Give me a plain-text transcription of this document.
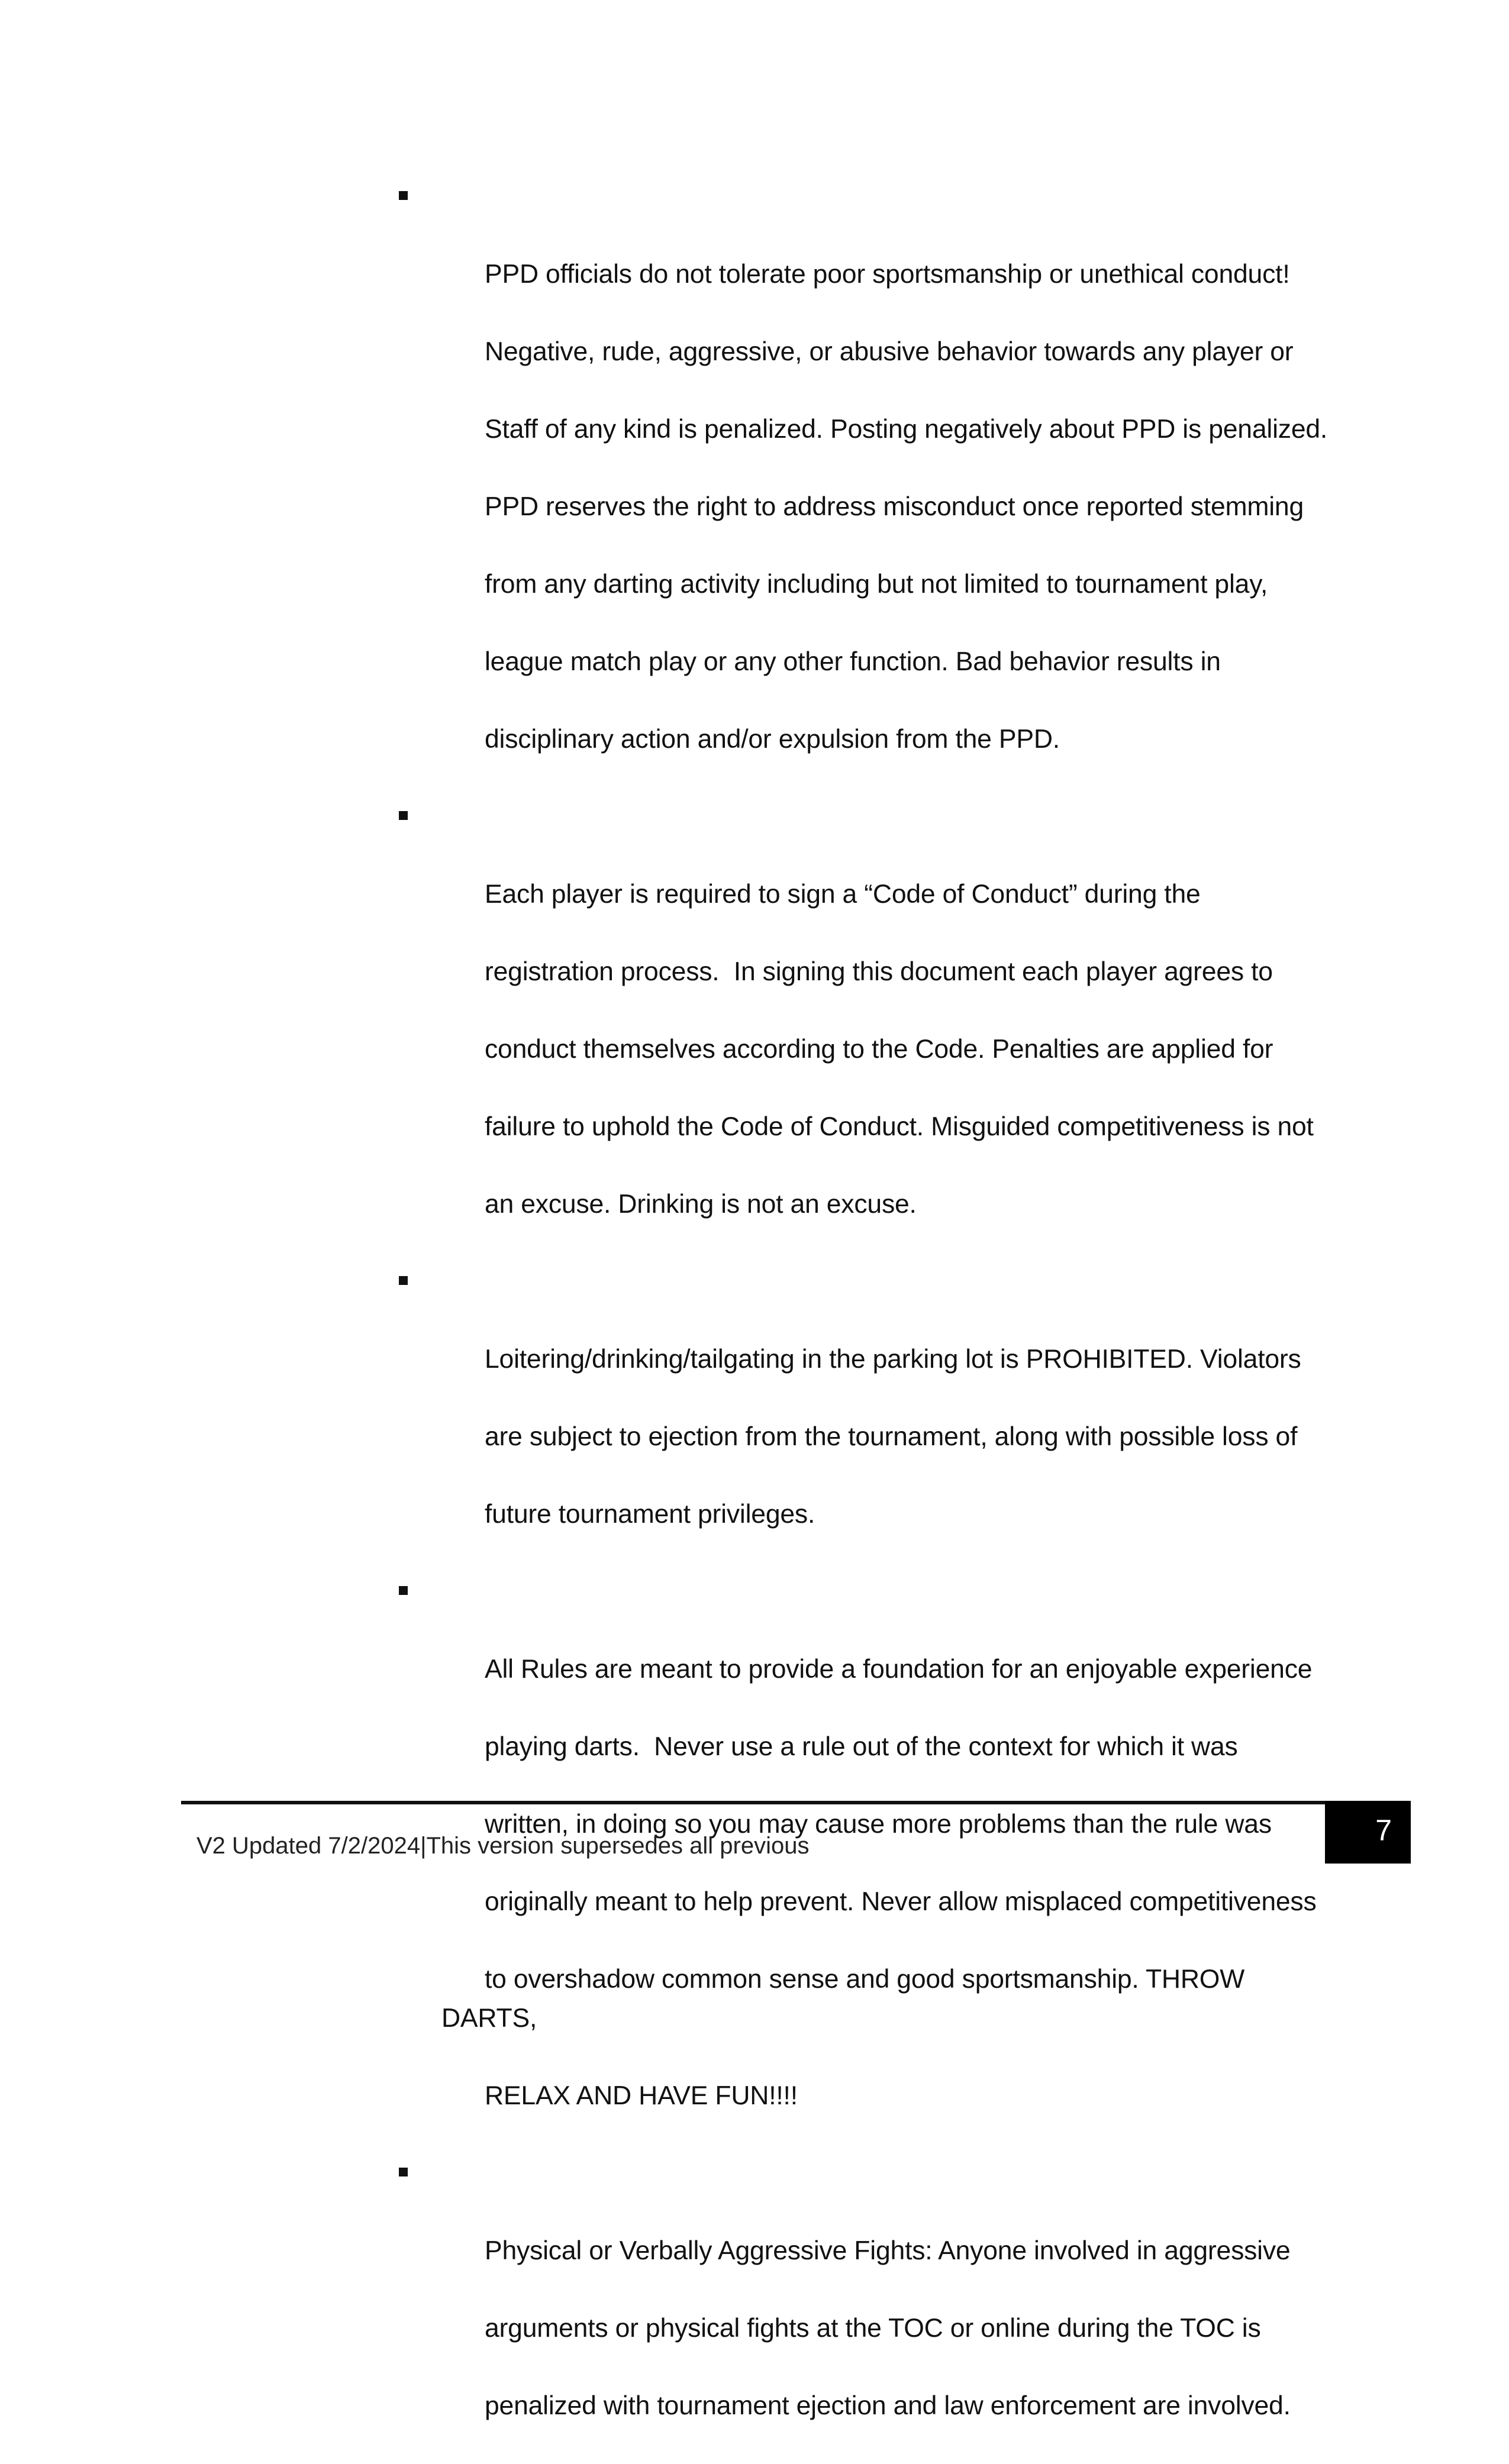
PPD officials do not tolerate poor sportsmanship or unethical conduct!

Negative, rude, aggressive, or abusive behavior towards any player or

Staff of any kind is penalized. Posting negatively about PPD is penalized.

PPD reserves the right to address misconduct once reported stemming

from any darting activity including but not limited to tournament play,

league match play or any other function. Bad behavior results in

disciplinary action and/or expulsion from the PPD.

Each player is required to sign a “Code of Conduct” during the

registration process.  In signing this document each player agrees to

conduct themselves according to the Code. Penalties are applied for

failure to uphold the Code of Conduct. Misguided competitiveness is not

an excuse. Drinking is not an excuse.

Loitering/drinking/tailgating in the parking lot is PROHIBITED. Violators

are subject to ejection from the tournament, along with possible loss of

future tournament privileges.

All Rules are meant to provide a foundation for an enjoyable experience

playing darts.  Never use a rule out of the context for which it was

written, in doing so you may cause more problems than the rule was

originally meant to help prevent. Never allow misplaced competitiveness

to overshadow common sense and good sportsmanship. THROW DARTS,

RELAX AND HAVE FUN!!!!

Physical or Verbally Aggressive Fights: Anyone involved in aggressive

arguments or physical fights at the TOC or online during the TOC is

penalized with tournament ejection and law enforcement are involved.

V2 Updated 7/2/2024|This version supersedes all previous	7
